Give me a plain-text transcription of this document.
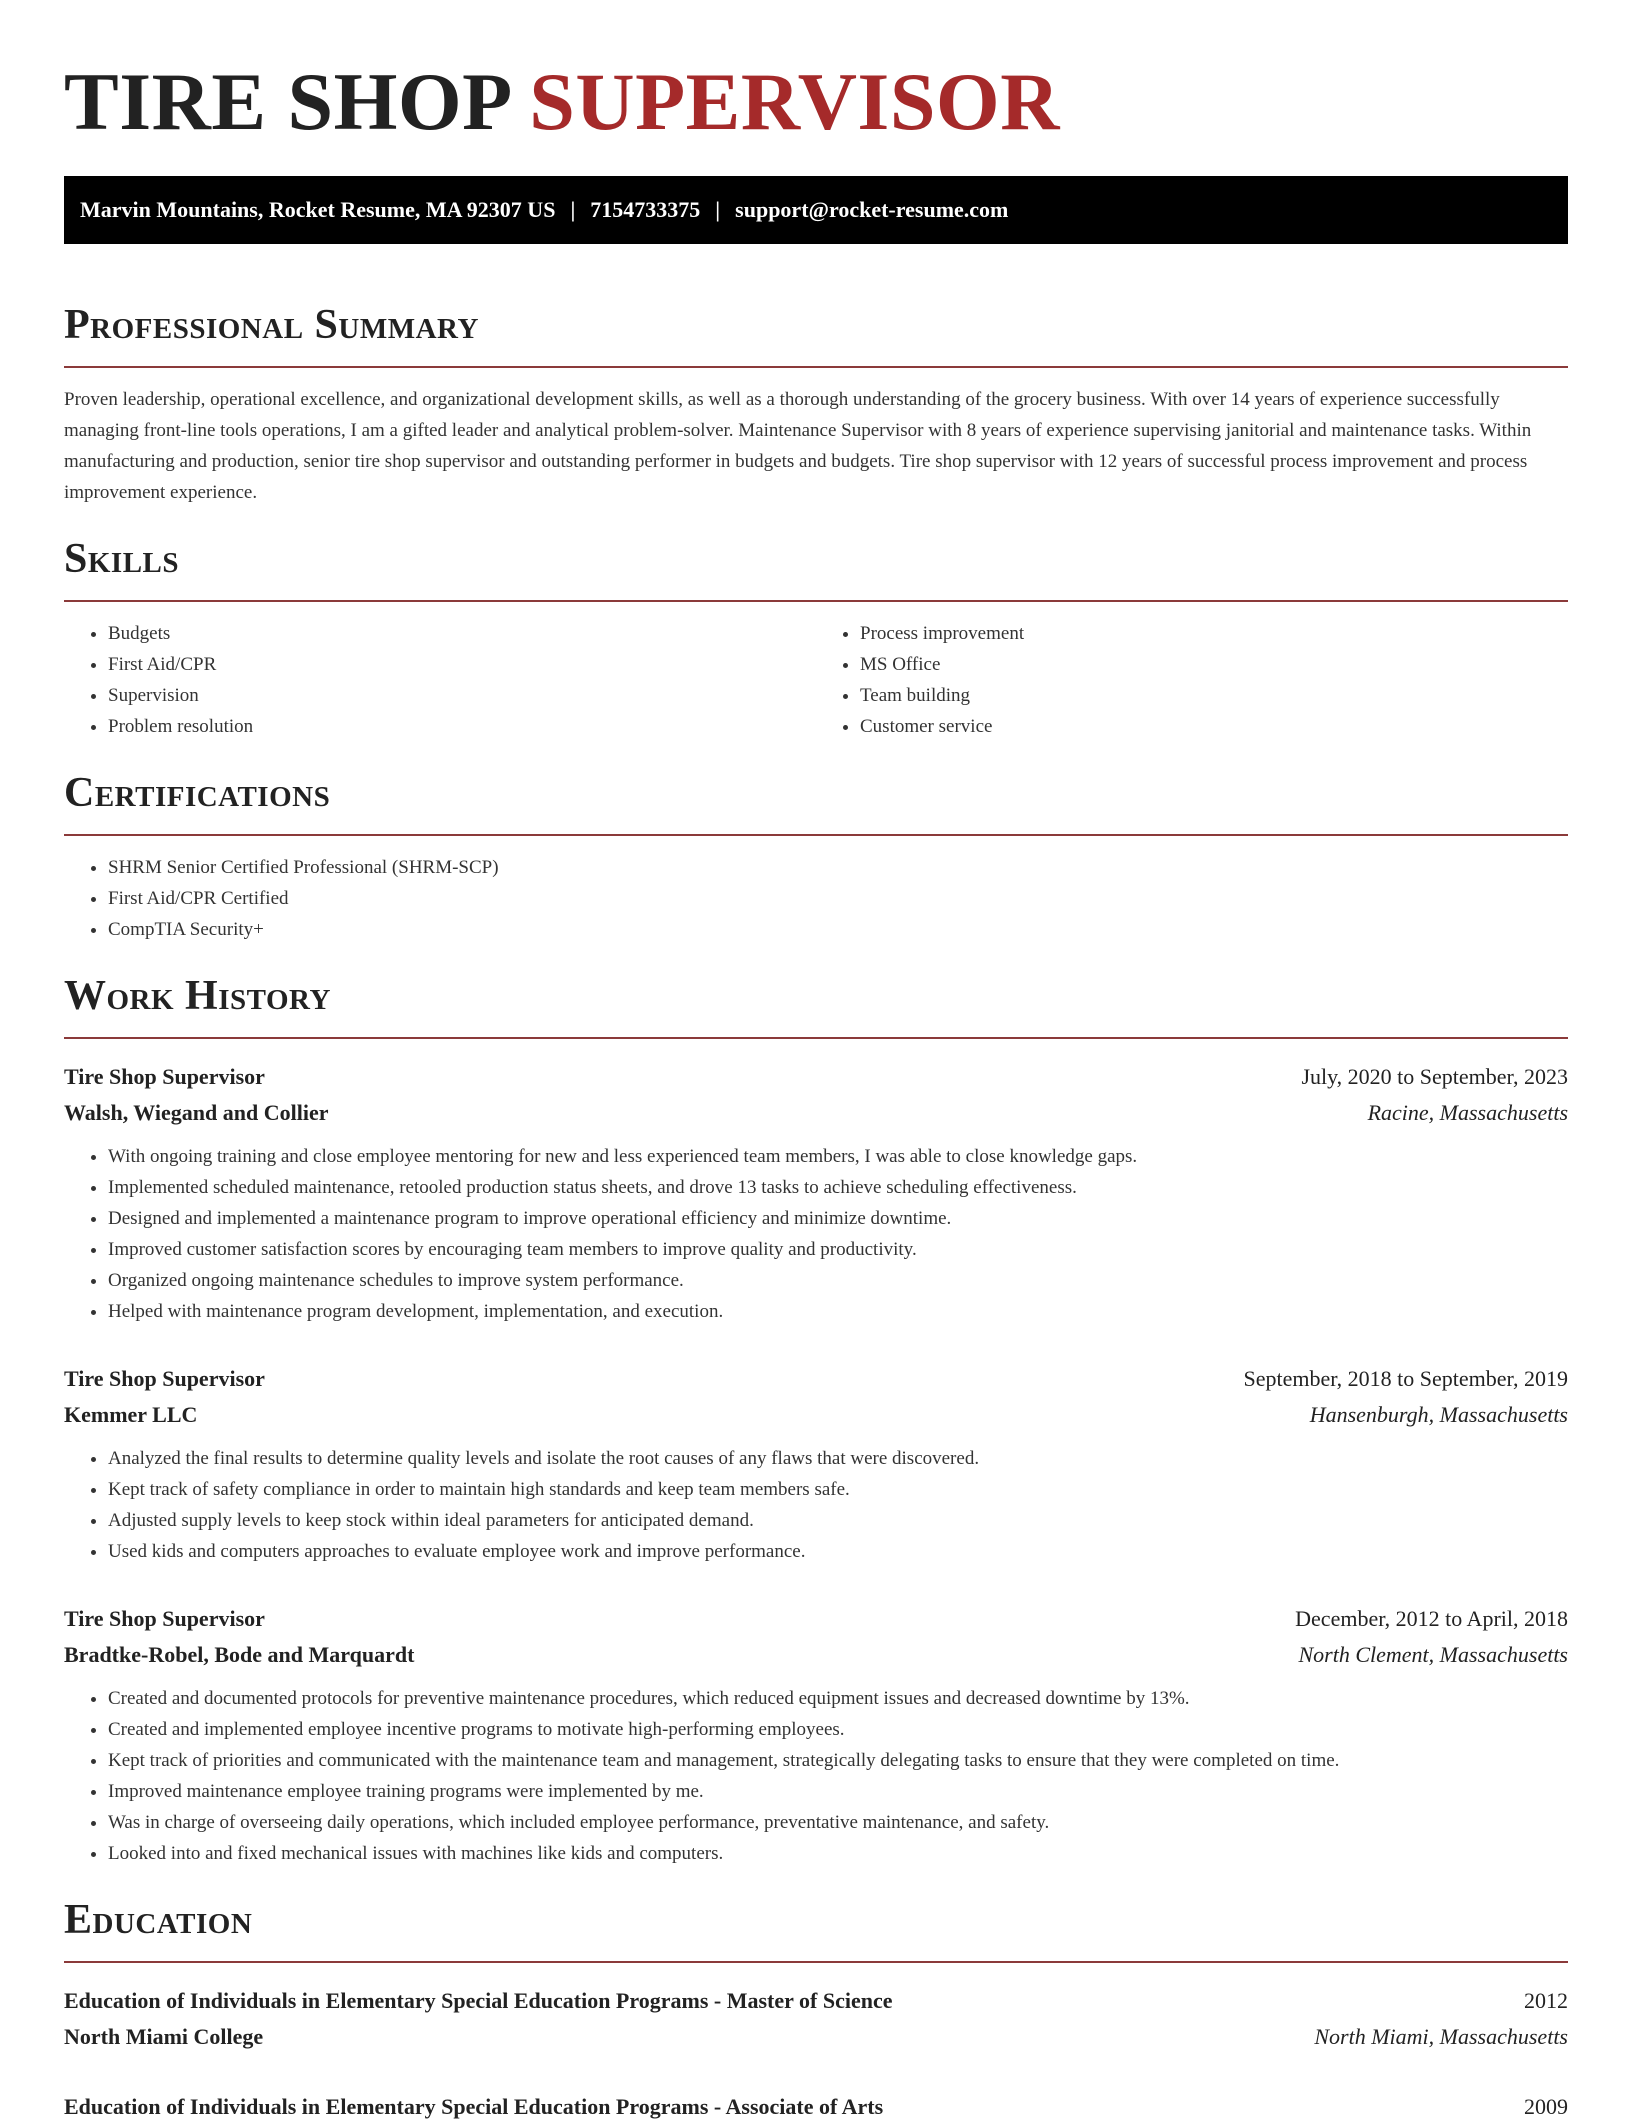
TIRE SHOP SUPERVISOR
Marvin Mountains, Rocket Resume, MA 92307 US | 7154733375 | support@rocket-resume.com
Professional Summary

Proven leadership, operational excellence, and organizational development skills, as well as a thorough understanding of the grocery business. With over 14 years of experience successfully managing front-line tools operations, I am a gifted leader and analytical problem-solver. Maintenance Supervisor with 8 years of experience supervising janitorial and maintenance tasks. Within manufacturing and production, senior tire shop supervisor and outstanding performer in budgets and budgets. Tire shop supervisor with 12 years of successful process improvement and process improvement experience.

Skills
• Budgets
• First Aid/CPR
• Supervision
• Problem resolution
• Process improvement
• MS Office
• Team building
• Customer service
Certifications
• SHRM Senior Certified Professional (SHRM-SCP)
• First Aid/CPR Certified
• CompTIA Security+
Work History
Tire Shop Supervisor	July, 2020 to September, 2023
Walsh, Wiegand and Collier	Racine, Massachusetts
• With ongoing training and close employee mentoring for new and less experienced team members, I was able to close knowledge gaps.
• Implemented scheduled maintenance, retooled production status sheets, and drove 13 tasks to achieve scheduling effectiveness.
• Designed and implemented a maintenance program to improve operational efficiency and minimize downtime.
• Improved customer satisfaction scores by encouraging team members to improve quality and productivity.
• Organized ongoing maintenance schedules to improve system performance.
• Helped with maintenance program development, implementation, and execution.
Tire Shop Supervisor	September, 2018 to September, 2019
Kemmer LLC	Hansenburgh, Massachusetts
• Analyzed the final results to determine quality levels and isolate the root causes of any flaws that were discovered.
• Kept track of safety compliance in order to maintain high standards and keep team members safe.
• Adjusted supply levels to keep stock within ideal parameters for anticipated demand.
• Used kids and computers approaches to evaluate employee work and improve performance.
Tire Shop Supervisor	December, 2012 to April, 2018
Bradtke-Robel, Bode and Marquardt	North Clement, Massachusetts
• Created and documented protocols for preventive maintenance procedures, which reduced equipment issues and decreased downtime by 13%.
• Created and implemented employee incentive programs to motivate high-performing employees.
• Kept track of priorities and communicated with the maintenance team and management, strategically delegating tasks to ensure that they were completed on time.
• Improved maintenance employee training programs were implemented by me.
• Was in charge of overseeing daily operations, which included employee performance, preventative maintenance, and safety.
• Looked into and fixed mechanical issues with machines like kids and computers.
Education
Education of Individuals in Elementary Special Education Programs - Master of Science	2012
North Miami College	North Miami, Massachusetts
Education of Individuals in Elementary Special Education Programs - Associate of Arts	2009
